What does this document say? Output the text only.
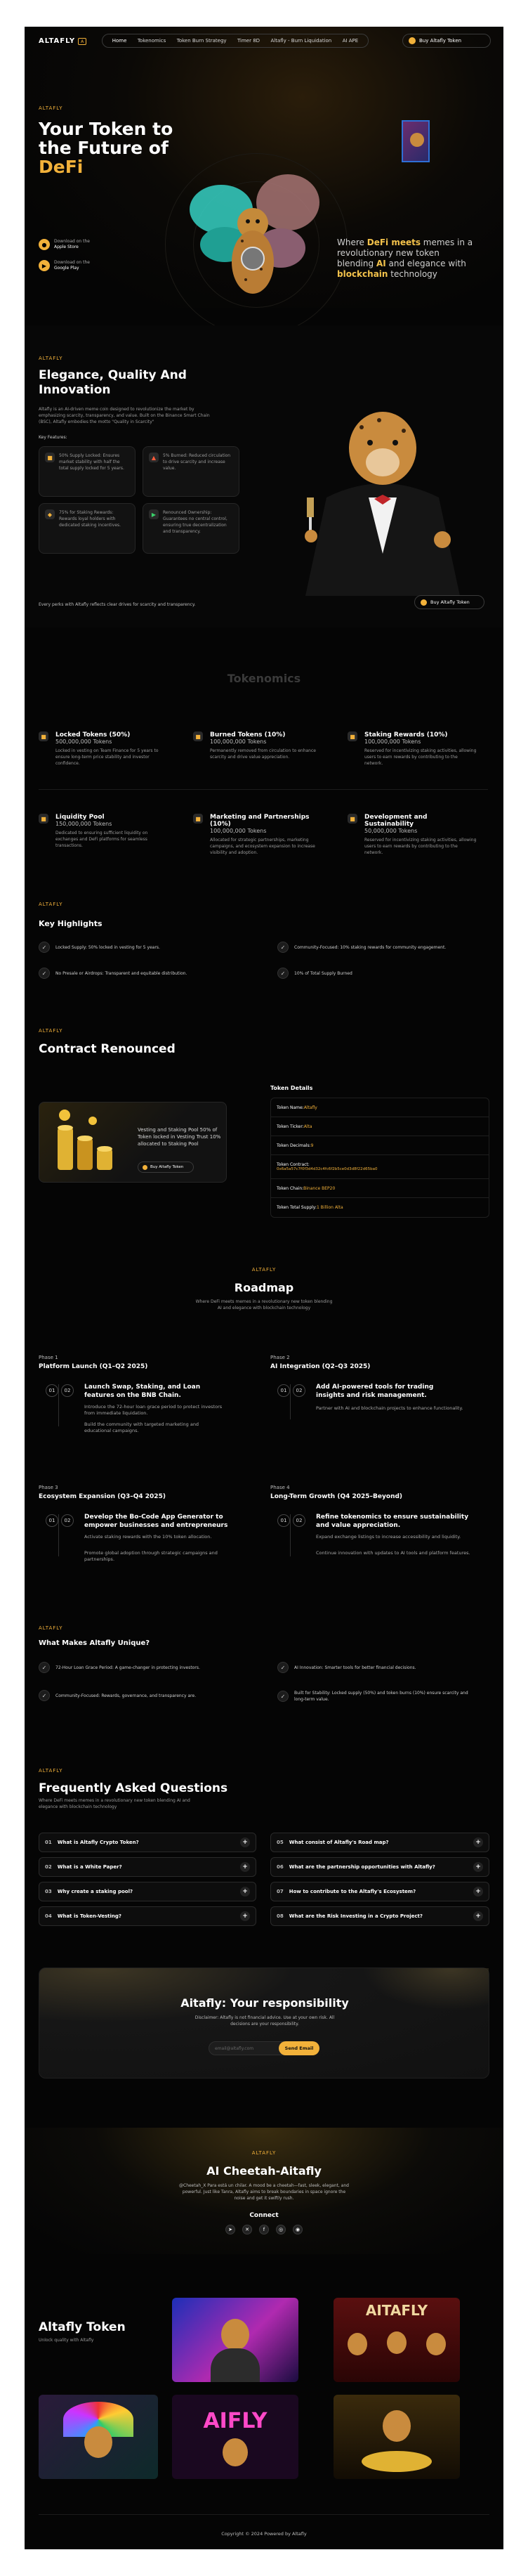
ALTAFLY	A	Home Tokenomics Token Burn Strategy Timer 8D Altafly - Burn Liquidation AI APE	Buy Altafly Token
ALTAFLY
Your Token to
the Future of
DeFi
●	Download on the
Apple Store
▶	Download on the
Google Play
Where DeFi meets memes in a revolutionary new token blending AI and elegance with blockchain technology
ALTAFLY
Elegance, Quality And
Innovation
Altafly is an AI-driven meme coin designed to revolutionize the market by emphasizing scarcity, transparency, and value. Built on the Binance Smart Chain (BSC), Altafly embodies the motto "Quality in Scarcity"
Key Features:
■	50% Supply Locked: Ensures market stability with half the total supply locked for 5 years.
▲	5% Burned: Reduced circulation to drive scarcity and increase value.
◆	75% for Staking Rewards: Rewards loyal holders with dedicated staking incentives.
▶	Renounced Ownership: Guarantees no central control, ensuring true decentralization and transparency.
Every perks with Altafly reflects clear drives for scarcity and transparency.	Buy Altafly Token
Tokenomics
■	Locked Tokens (50%)
500,000,000 Tokens
Locked in vesting on Team Finance for 5 years to ensure long-term price stability and investor confidence.
■	Burned Tokens (10%)
100,000,000 Tokens
Permanently removed from circulation to enhance scarcity and drive value appreciation.
■	Staking Rewards (10%)
100,000,000 Tokens
Reserved for incentivizing staking activities, allowing users to earn rewards by contributing to the network.
■	Liquidity Pool
150,000,000 Tokens
Dedicated to ensuring sufficient liquidity on exchanges and DeFi platforms for seamless transactions.
■	Marketing and Partnerships (10%)
100,000,000 Tokens
Allocated for strategic partnerships, marketing campaigns, and ecosystem expansion to increase visibility and adoption.
■	Development and Sustainability
50,000,000 Tokens
Reserved for incentivizing staking activities, allowing users to earn rewards by contributing to the network.
ALTAFLY
Key Highlights
✓	Locked Supply: 50% locked in vesting for 5 years.	✓	Community-Focused: 10% staking rewards for community engagement.
✓	No Presale or Airdrops: Transparent and equitable distribution.	✓	10% of Total Supply Burned
ALTAFLY
Contract Renounced
Vesting and Staking Pool 50% of Token locked in Vesting Trust 10% allocated to Staking Pool
Buy Altafly Token
Token Details
Token Name: Altafly
Token Ticker: Alta
Token Decimals: 9
Token Contract:
0x6a5a57c7f0f3d4d32c4fc6f2b5ce0d3d8f22d65ba0
Token Chain: Binance BEP20
Token Total Supply: 1 Billion Alta
ALTAFLY
Roadmap
Where DeFi meets memes in a revolutionary new token blending AI and elegance with blockchain technology
Phase 1
Platform Launch (Q1–Q2 2025)
01	02	Launch Swap, Staking, and Loan features on the BNB Chain.
Introduce the 72-hour loan grace period to protect investors from immediate liquidation.
Build the community with targeted marketing and educational campaigns.
Phase 2
AI Integration (Q2–Q3 2025)
01	02	Add AI-powered tools for trading insights and risk management.
Partner with AI and blockchain projects to enhance functionality.
Phase 3
Ecosystem Expansion (Q3–Q4 2025)
01	02	Develop the Bo-Code App Generator to empower businesses and entrepreneurs
Activate staking rewards with the 10% token allocation.
Promote global adoption through strategic campaigns and partnerships.
Phase 4
Long-Term Growth (Q4 2025–Beyond)
01	02	Refine tokenomics to ensure sustainability and value appreciation.
Expand exchange listings to increase accessibility and liquidity.
Continue innovation with updates to AI tools and platform features.
ALTAFLY
What Makes Altafly Unique?
✓	72-Hour Loan Grace Period: A game-changer in protecting investors.	✓	AI Innovation: Smarter tools for better financial decisions.
✓	Community-Focused: Rewards, governance, and transparency are.	✓	Built for Stability: Locked supply (50%) and token burns (10%) ensure scarcity and long-term value.
ALTAFLY
Frequently Asked Questions
Where DeFi meets memes in a revolutionary new token blending AI and elegance with blockchain technology
01 What is Altafly Crypto Token?	+	05 What consist of Altafly's Road map?	+
02 What is a White Paper?	+	06 What are the partnership opportunities with Altafly?	+
03 Why create a staking pool?	+	07 How to contribute to the Altafly's Ecosystem?	+
04 What is Token-Vesting?	+	08 What are the Risk Investing in a Crypto Project?	+
Aitafly: Your responsibility
Disclaimer: Altafly is not financial advice. Use at your own risk. All decisions are your responsibility.
email@altafly.com	Send Email
ALTAFLY
AI Cheetah-Aitafly
@Cheetah_X Para está un chilar. A mood be a cheetah—fast, sleek, elegant, and powerful. Just like Tanra, Altafly aims to break boundaries in space ignore the noise and get it swiftly rush.
Connect
➤	✕	f	◎	◉
Altafly Token
Unlock quality with Altafly
AITAFLY
AIFLY
Copyright © 2024 Powered by Altafly
